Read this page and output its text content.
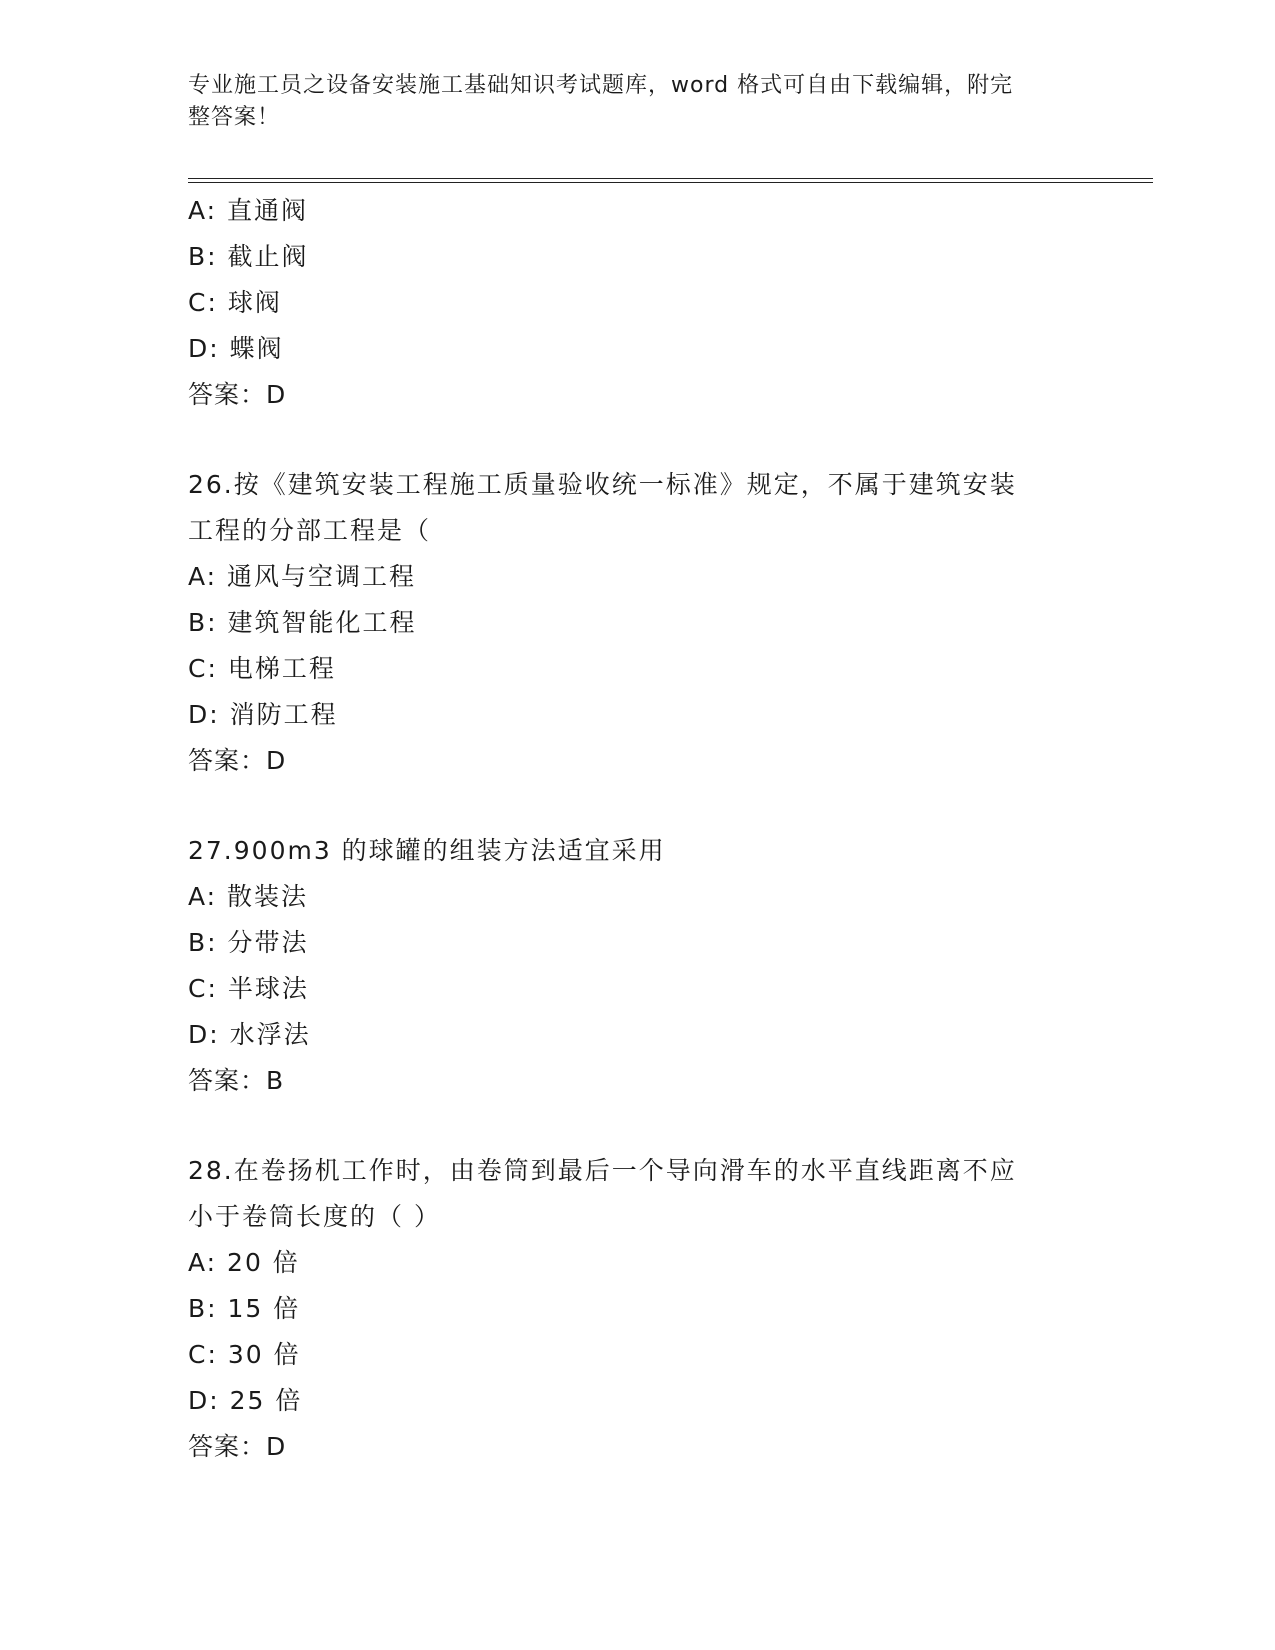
专业施工员之设备安装施工基础知识考试题库，word 格式可自由下载编辑，附完
整答案！
A: 直通阀
B: 截止阀
C: 球阀
D: 蝶阀
答案：D
26.按《建筑安装工程施工质量验收统一标准》规定，不属于建筑安装
工程的分部工程是（
A: 通风与空调工程
B: 建筑智能化工程
C: 电梯工程
D: 消防工程
答案：D
27.900m3 的球罐的组装方法适宜采用
A: 散装法
B: 分带法
C: 半球法
D: 水浮法
答案：B
28.在卷扬机工作时，由卷筒到最后一个导向滑车的水平直线距离不应
小于卷筒长度的（ ）
A: 20 倍
B: 15 倍
C: 30 倍
D: 25 倍
答案：D
